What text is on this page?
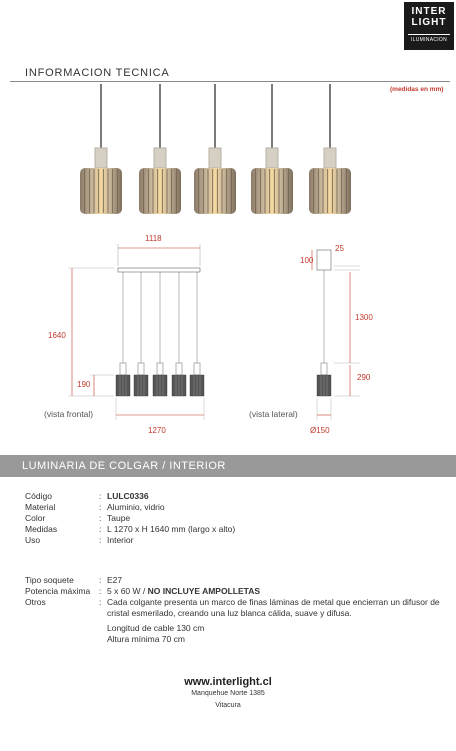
INTER
LIGHT
ILUMINACION
INFORMACION TECNICA
(medidas en mm)
1118
1640
190
(vista frontal)
1270
100
25
1300
290
(vista lateral)
Ø150
LUMINARIA DE COLGAR / INTERIOR
Código	: LULC0336
Material	: Aluminio, vidrio
Color	: Taupe
Medidas	: L 1270 x H 1640 mm (largo x alto)
Uso	: Interior
Tipo soquete	: E27
Potencia máxima	: 5 x 60 W / NO INCLUYE AMPOLLETAS
Otros	: Cada colgante presenta un marco de finas láminas de metal que encierran un difusor de cristal esmerilado, creando una luz blanca cálida, suave y difusa.
Longitud de cable 130 cm
Altura mínima 70 cm
www.interlight.cl
Manquehue Norte 1385
Vitacura
